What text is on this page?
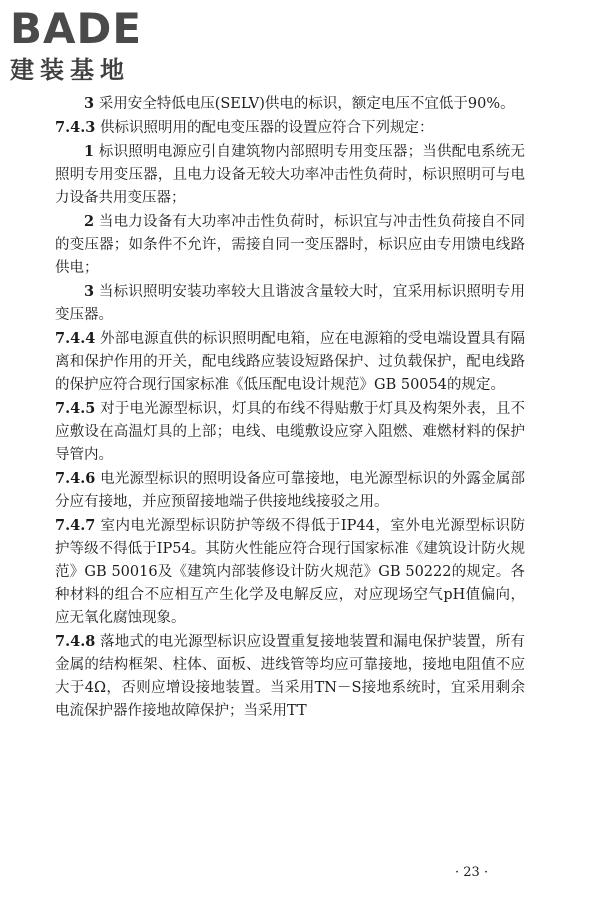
BADE
建装基地

3 采用安全特低电压(SELV)供电的标识，额定电压不宜低于90%。

7.4.3 供标识照明用的配电变压器的设置应符合下列规定：

1 标识照明电源应引自建筑物内部照明专用变压器；当供配电系统无照明专用变压器，且电力设备无较大功率冲击性负荷时，标识照明可与电力设备共用变压器；

2 当电力设备有大功率冲击性负荷时，标识宜与冲击性负荷接自不同的变压器；如条件不允许，需接自同一变压器时，标识应由专用馈电线路供电；

3 当标识照明安装功率较大且谐波含量较大时，宜采用标识照明专用变压器。

7.4.4 外部电源直供的标识照明配电箱，应在电源箱的受电端设置具有隔离和保护作用的开关，配电线路应装设短路保护、过负载保护，配电线路的保护应符合现行国家标准《低压配电设计规范》GB 50054的规定。

7.4.5 对于电光源型标识，灯具的布线不得贴敷于灯具及构架外表，且不应敷设在高温灯具的上部；电线、电缆敷设应穿入阻燃、难燃材料的保护导管内。

7.4.6 电光源型标识的照明设备应可靠接地，电光源型标识的外露金属部分应有接地，并应预留接地端子供接地线接驳之用。

7.4.7 室内电光源型标识防护等级不得低于IP44，室外电光源型标识防护等级不得低于IP54。其防火性能应符合现行国家标准《建筑设计防火规范》GB 50016及《建筑内部装修设计防火规范》GB 50222的规定。各种材料的组合不应相互产生化学及电解反应，对应现场空气pH值偏向，应无氧化腐蚀现象。

7.4.8 落地式的电光源型标识应设置重复接地装置和漏电保护装置，所有金属的结构框架、柱体、面板、进线管等均应可靠接地，接地电阻值不应大于4Ω，否则应增设接地装置。当采用TN－S接地系统时，宜采用剩余电流保护器作接地故障保护；当采用TT

· 23 ·
